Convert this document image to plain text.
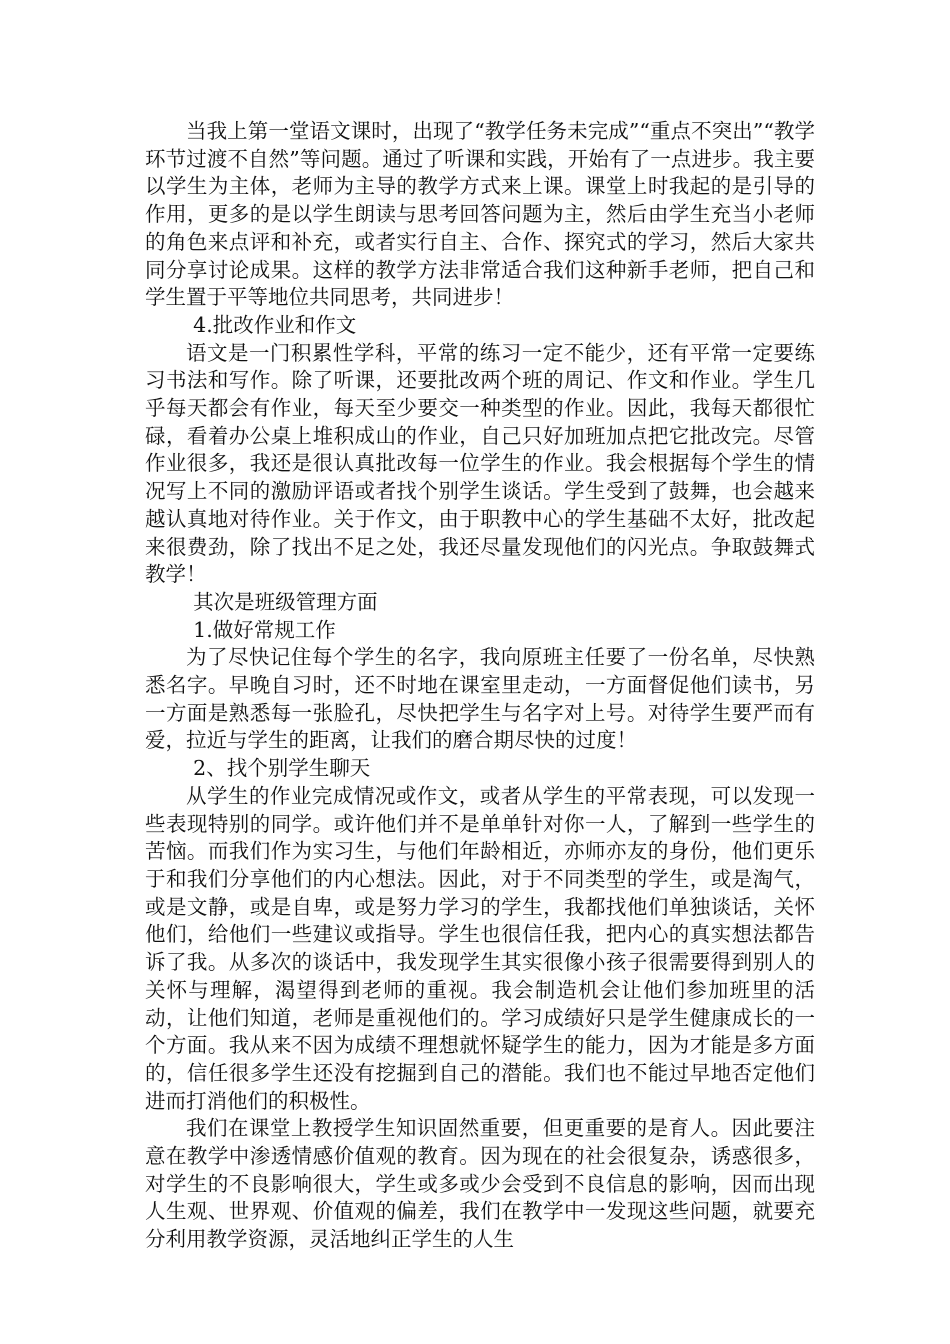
当我上第一堂语文课时，出现了“教学任务未完成”“重点不突出”“教学环节过渡不自然”等问题。通过了听课和实践，开始有了一点进步。我主要以学生为主体，老师为主导的教学方式来上课。课堂上时我起的是引导的作用，更多的是以学生朗读与思考回答问题为主，然后由学生充当小老师的角色来点评和补充，或者实行自主、合作、探究式的学习，然后大家共同分享讨论成果。这样的教学方法非常适合我们这种新手老师，把自己和学生置于平等地位共同思考，共同进步！

4.批改作业和作文

语文是一门积累性学科，平常的练习一定不能少，还有平常一定要练习书法和写作。除了听课，还要批改两个班的周记、作文和作业。学生几乎每天都会有作业，每天至少要交一种类型的作业。因此，我每天都很忙碌，看着办公桌上堆积成山的作业，自己只好加班加点把它批改完。尽管作业很多，我还是很认真批改每一位学生的作业。我会根据每个学生的情况写上不同的激励评语或者找个别学生谈话。学生受到了鼓舞，也会越来越认真地对待作业。关于作文，由于职教中心的学生基础不太好，批改起来很费劲，除了找出不足之处，我还尽量发现他们的闪光点。争取鼓舞式教学！

其次是班级管理方面

1.做好常规工作

为了尽快记住每个学生的名字，我向原班主任要了一份名单，尽快熟悉名字。早晚自习时，还不时地在课室里走动，一方面督促他们读书，另一方面是熟悉每一张脸孔，尽快把学生与名字对上号。对待学生要严而有爱，拉近与学生的距离，让我们的磨合期尽快的过度！

2、找个别学生聊天

从学生的作业完成情况或作文，或者从学生的平常表现，可以发现一些表现特别的同学。或许他们并不是单单针对你一人，了解到一些学生的苦恼。而我们作为实习生，与他们年龄相近，亦师亦友的身份，他们更乐于和我们分享他们的内心想法。因此，对于不同类型的学生，或是淘气，或是文静，或是自卑，或是努力学习的学生，我都找他们单独谈话，关怀他们，给他们一些建议或指导。学生也很信任我，把内心的真实想法都告诉了我。从多次的谈话中，我发现学生其实很像小孩子很需要得到别人的关怀与理解，渴望得到老师的重视。我会制造机会让他们参加班里的活动，让他们知道，老师是重视他们的。学习成绩好只是学生健康成长的一个方面。我从来不因为成绩不理想就怀疑学生的能力，因为才能是多方面的，信任很多学生还没有挖掘到自己的潜能。我们也不能过早地否定他们进而打消他们的积极性。

我们在课堂上教授学生知识固然重要，但更重要的是育人。因此要注意在教学中渗透情感价值观的教育。因为现在的社会很复杂，诱惑很多，对学生的不良影响很大，学生或多或少会受到不良信息的影响，因而出现人生观、世界观、价值观的偏差，我们在教学中一发现这些问题，就要充分利用教学资源，灵活地纠正学生的人生
